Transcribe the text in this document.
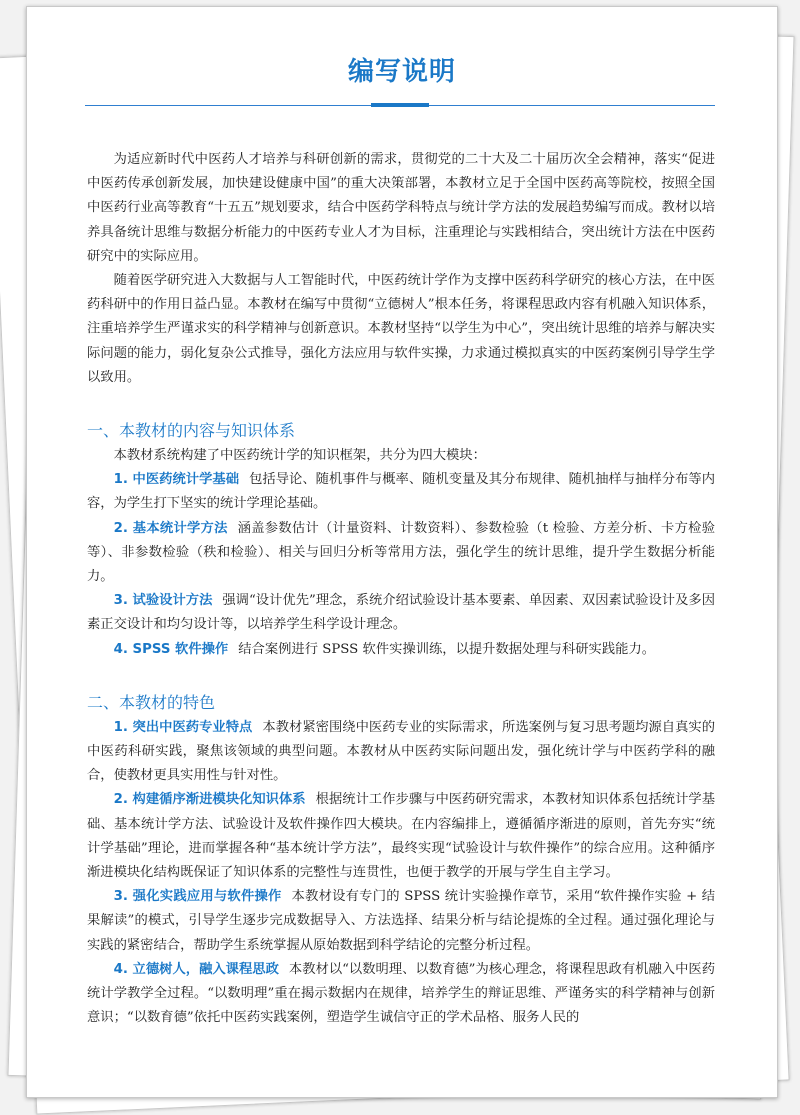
编写说明

为适应新时代中医药人才培养与科研创新的需求，贯彻党的二十大及二十届历次全会精神，落实“促进中医药传承创新发展，加快建设健康中国”的重大决策部署，本教材立足于全国中医药高等院校，按照全国中医药行业高等教育“十五五”规划要求，结合中医药学科特点与统计学方法的发展趋势编写而成。教材以培养具备统计思维与数据分析能力的中医药专业人才为目标，注重理论与实践相结合，突出统计方法在中医药研究中的实际应用。

随着医学研究进入大数据与人工智能时代，中医药统计学作为支撑中医药科学研究的核心方法，在中医药科研中的作用日益凸显。本教材在编写中贯彻“立德树人”根本任务，将课程思政内容有机融入知识体系，注重培养学生严谨求实的科学精神与创新意识。本教材坚持“以学生为中心”，突出统计思维的培养与解决实际问题的能力，弱化复杂公式推导，强化方法应用与软件实操，力求通过模拟真实的中医药案例引导学生学以致用。

一、本教材的内容与知识体系

本教材系统构建了中医药统计学的知识框架，共分为四大模块：

1. 中医药统计学基础 包括导论、随机事件与概率、随机变量及其分布规律、随机抽样与抽样分布等内容，为学生打下坚实的统计学理论基础。

2. 基本统计学方法 涵盖参数估计（计量资料、计数资料）、参数检验（t 检验、方差分析、卡方检验等）、非参数检验（秩和检验）、相关与回归分析等常用方法，强化学生的统计思维，提升学生数据分析能力。

3. 试验设计方法 强调“设计优先”理念，系统介绍试验设计基本要素、单因素、双因素试验设计及多因素正交设计和均匀设计等，以培养学生科学设计理念。

4. SPSS 软件操作 结合案例进行 SPSS 软件实操训练，以提升数据处理与科研实践能力。

二、本教材的特色

1. 突出中医药专业特点 本教材紧密围绕中医药专业的实际需求，所选案例与复习思考题均源自真实的中医药科研实践，聚焦该领域的典型问题。本教材从中医药实际问题出发，强化统计学与中医药学科的融合，使教材更具实用性与针对性。

2. 构建循序渐进模块化知识体系 根据统计工作步骤与中医药研究需求，本教材知识体系包括统计学基础、基本统计学方法、试验设计及软件操作四大模块。在内容编排上，遵循循序渐进的原则，首先夯实“统计学基础”理论，进而掌握各种“基本统计学方法”，最终实现“试验设计与软件操作”的综合应用。这种循序渐进模块化结构既保证了知识体系的完整性与连贯性，也便于教学的开展与学生自主学习。

3. 强化实践应用与软件操作 本教材设有专门的 SPSS 统计实验操作章节，采用“软件操作实验 + 结果解读”的模式，引导学生逐步完成数据导入、方法选择、结果分析与结论提炼的全过程。通过强化理论与实践的紧密结合，帮助学生系统掌握从原始数据到科学结论的完整分析过程。

4. 立德树人，融入课程思政 本教材以“以数明理、以数育德”为核心理念，将课程思政有机融入中医药统计学教学全过程。“以数明理”重在揭示数据内在规律，培养学生的辩证思维、严谨务实的科学精神与创新意识；“以数育德”依托中医药实践案例，塑造学生诚信守正的学术品格、服务人民的
